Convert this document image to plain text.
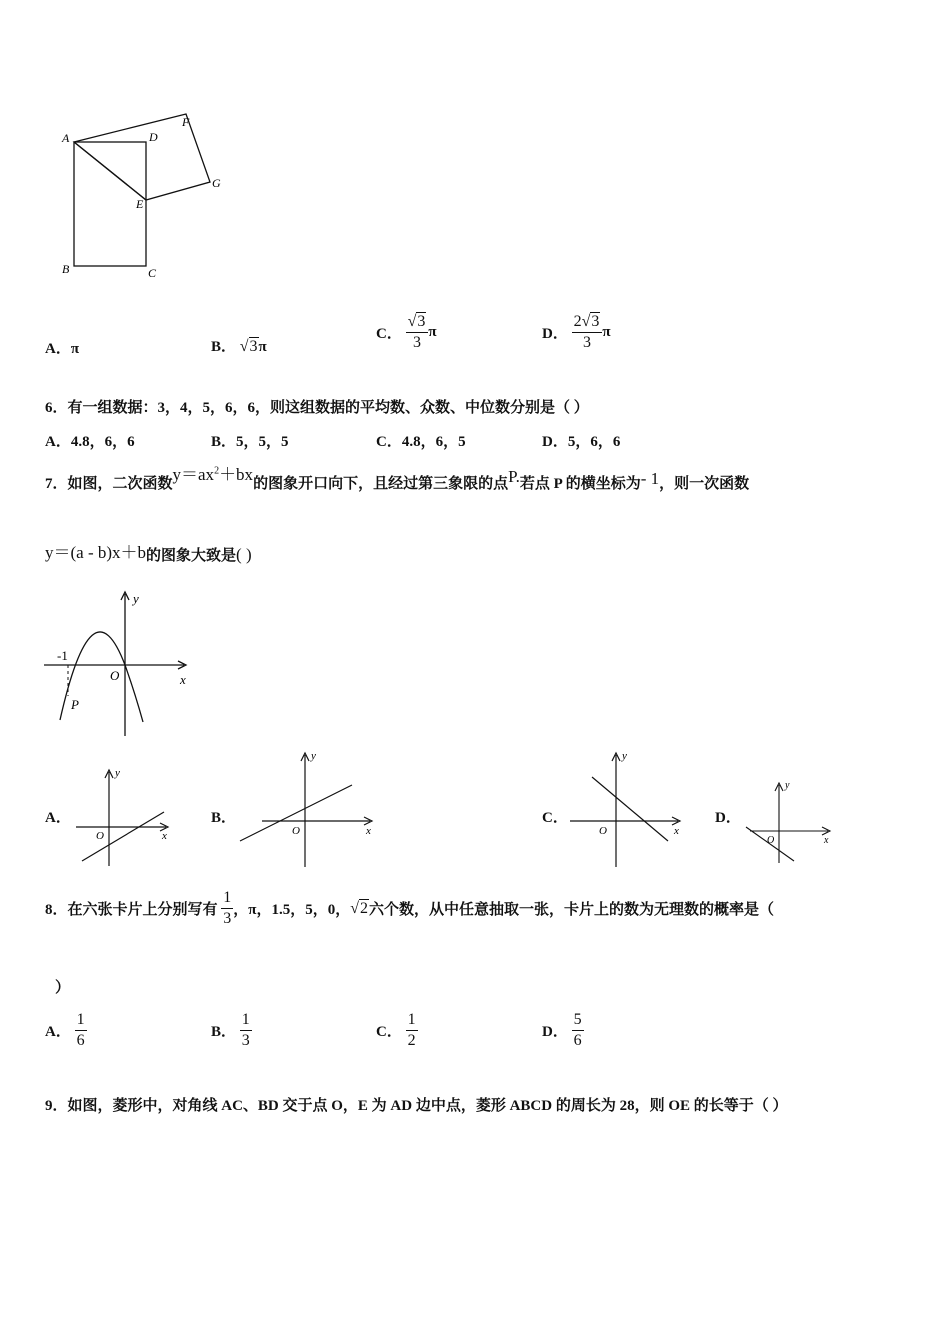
A	D
F
G
E
B	C
A．π	B． √3π
C． $\frac{√3}{3}$ π	D． $\frac{2√3}{3}$ π
6．有一组数据：3，4，5，6，6，则这组数据的平均数、众数、中位数分别是（ ）
A．4.8，6，6	B．5，5，5	C．4.8，6，5	D．5，6，6
7．如图，二次函数$y=ax^2+bx$的图象开口向下，且经过第三象限的点P.若点 P 的横坐标为- 1，则一次函数
y＝(a - b)x＋b的图象大致是( )
y
x
O
-1
P
A．	B．	C．	D．
y
x
O
y
x
O
y
x
O
y
x
O
8．在六张卡片上分别写有 $\frac{1}{3}$ ，π，1.5，5，0，√2六个数，从中任意抽取一张，卡片上的数为无理数的概率是（
）
A． $\frac{1}{6}$	B． $\frac{1}{3}$	C． $\frac{1}{2}$	D． $\frac{5}{6}$
9．如图，菱形中，对角线 AC、BD 交于点 O，E 为 AD 边中点，菱形 ABCD 的周长为 28，则 OE 的长等于（ ）
